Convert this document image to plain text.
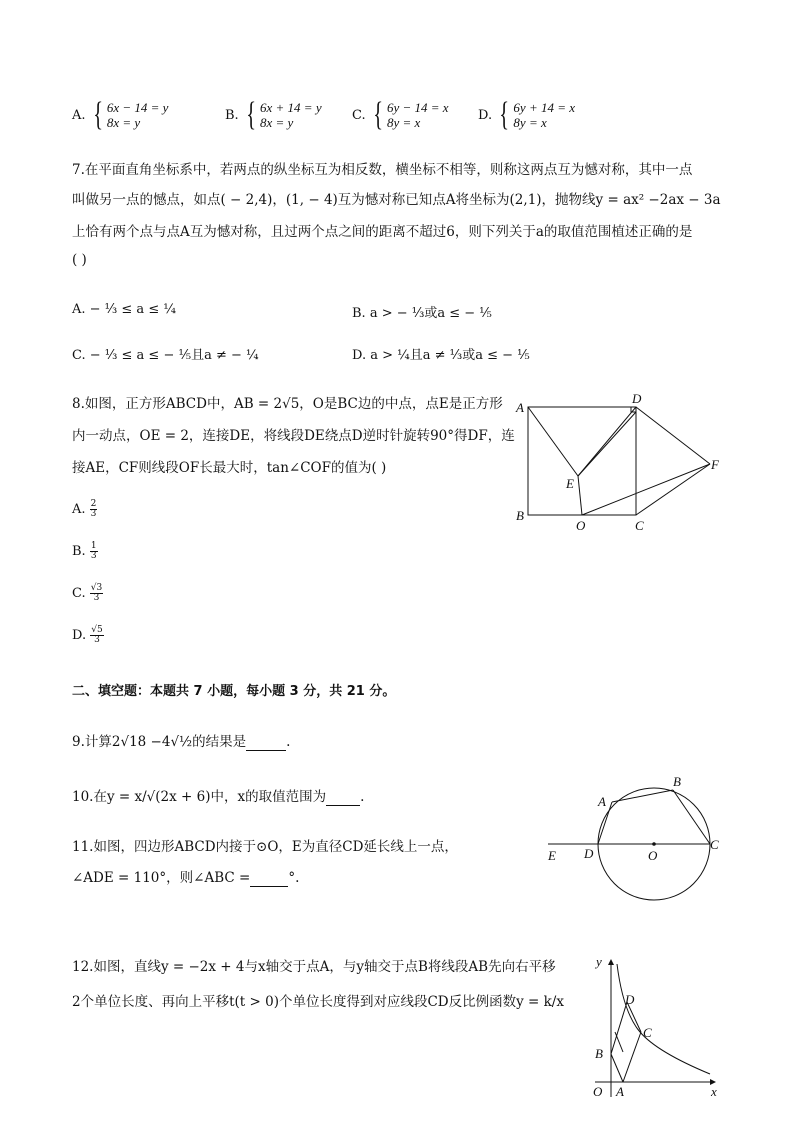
A. { 6x − 14 = y
8x = y	B. { 6x + 14 = y
8x = y	C. { 6y − 14 = x
8y = x	D. { 6y + 14 = x
8y = x
7.在平面直角坐标系中，若两点的纵坐标互为相反数，横坐标不相等，则称这两点互为憾对称，其中一点
叫做另一点的憾点，如点( − 2,4)，(1, − 4)互为憾对称已知点A将坐标为(2,1)，抛物线y = ax² −2ax − 3a
上恰有两个点与点A互为憾对称，且过两个点之间的距离不超过6，则下列关于a的取值范围植述正确的是
( )
A. − ⅓ ≤ a ≤ ¼	B. a > − ⅓或a ≤ − ⅕
C. − ⅓ ≤ a ≤ − ⅕且a ≠ − ¼	D. a > ¼且a ≠ ⅓或a ≤ − ⅕
8.如图，正方形ABCD中，AB = 2√5，O是BC边的中点，点E是正方形
内一动点，OE = 2，连接DE，将线段DE绕点D逆时针旋转90°得DF，连
接AE，CF则线段OF长最大时，tan∠COF的值为( )
A. $\frac{2}{3}$
B. $\frac{1}{3}$
C. $\frac{√3}{3}$
D. $\frac{√5}{3}$
A
B
C
D
E
F
O
二、填空题：本题共 7 小题，每小题 3 分，共 21 分。
9.计算2√18 −4√½的结果是	.
10.在y = x/√(2x + 6)中，x的取值范围为	.
11.如图，四边形ABCD内接于⊙O，E为直径CD延长线上一点，
∠ADE = 110°，则∠ABC =	°.
E D	O
C
A
B
12.如图，直线y = −2x + 4与x轴交于点A，与y轴交于点B将线段AB先向右平移
2个单位长度、再向上平移t(t > 0)个单位长度得到对应线段CD反比例函数y = k/x
y
x
O A
B
C
D
